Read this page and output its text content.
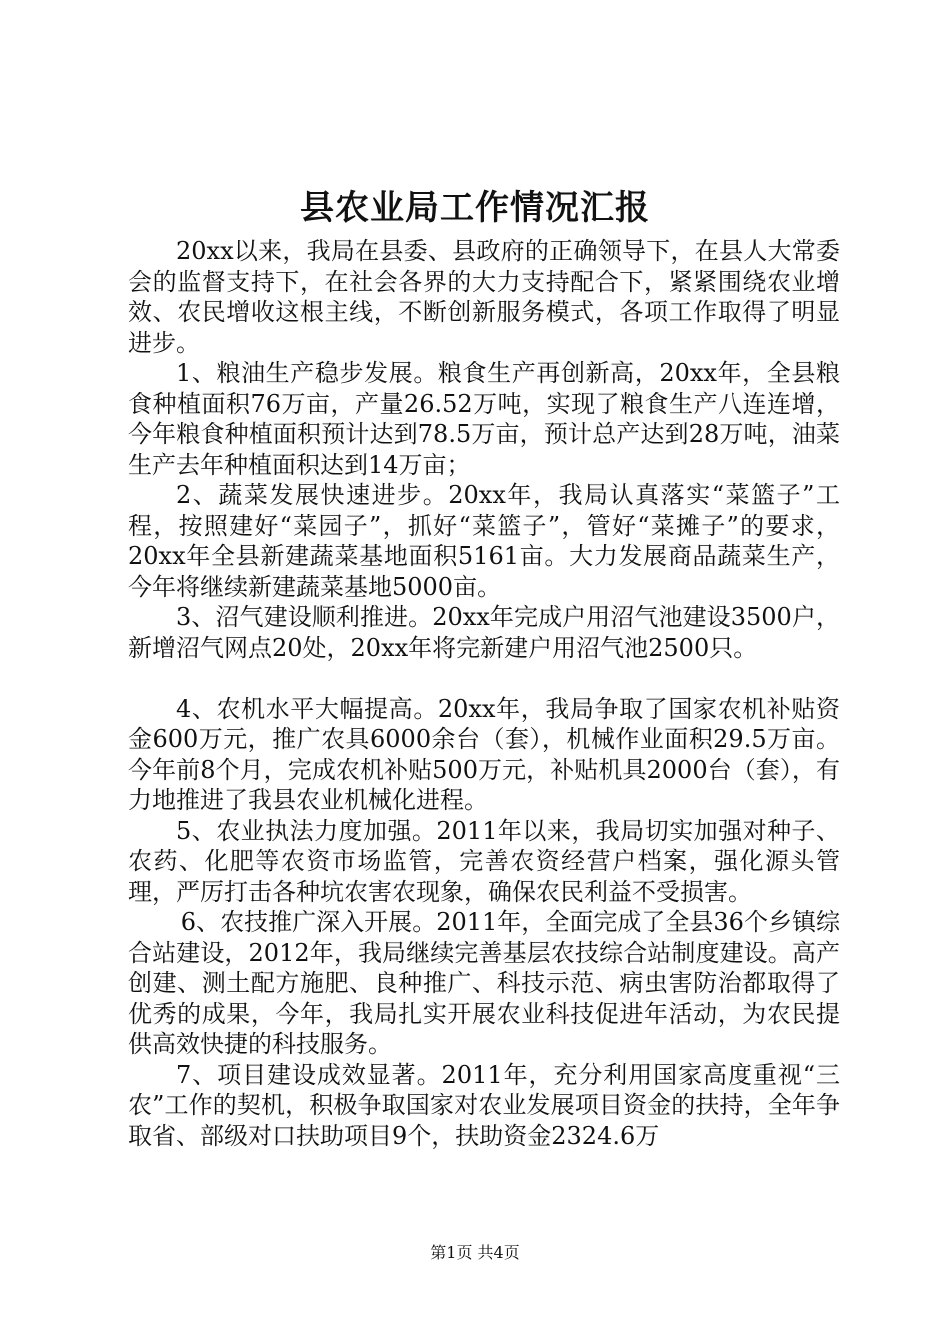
县农业局工作情况汇报

20xx以来，我局在县委、县政府的正确领导下，在县人大常委会的监督支持下，在社会各界的大力支持配合下，紧紧围绕农业增效、农民增收这根主线，不断创新服务模式，各项工作取得了明显进步。

1、粮油生产稳步发展。粮食生产再创新高，20xx年，全县粮食种植面积76万亩，产量26.52万吨，实现了粮食生产八连连增，今年粮食种植面积预计达到78.5万亩，预计总产达到28万吨，油菜生产去年种植面积达到14万亩；

2、蔬菜发展快速进步。20xx年，我局认真落实“菜篮子”工程，按照建好“菜园子”，抓好“菜篮子”，管好“菜摊子”的要求，20xx年全县新建蔬菜基地面积5161亩。大力发展商品蔬菜生产，今年将继续新建蔬菜基地5000亩。

3、沼气建设顺利推进。20xx年完成户用沼气池建设3500户，新增沼气网点20处，20xx年将完新建户用沼气池2500只。

4、农机水平大幅提高。20xx年，我局争取了国家农机补贴资金600万元，推广农具6000余台（套），机械作业面积29.5万亩。今年前8个月，完成农机补贴500万元，补贴机具2000台（套），有力地推进了我县农业机械化进程。

5、农业执法力度加强。2011年以来，我局切实加强对种子、农药、化肥等农资市场监管，完善农资经营户档案，强化源头管理，严厉打击各种坑农害农现象，确保农民利益不受损害。

6、农技推广深入开展。2011年，全面完成了全县36个乡镇综合站建设，2012年，我局继续完善基层农技综合站制度建设。高产创建、测土配方施肥、良种推广、科技示范、病虫害防治都取得了优秀的成果，今年，我局扎实开展农业科技促进年活动，为农民提供高效快捷的科技服务。

7、项目建设成效显著。2011年，充分利用国家高度重视“三农”工作的契机，积极争取国家对农业发展项目资金的扶持，全年争取省、部级对口扶助项目9个，扶助资金2324.6万

第1页 共4页
